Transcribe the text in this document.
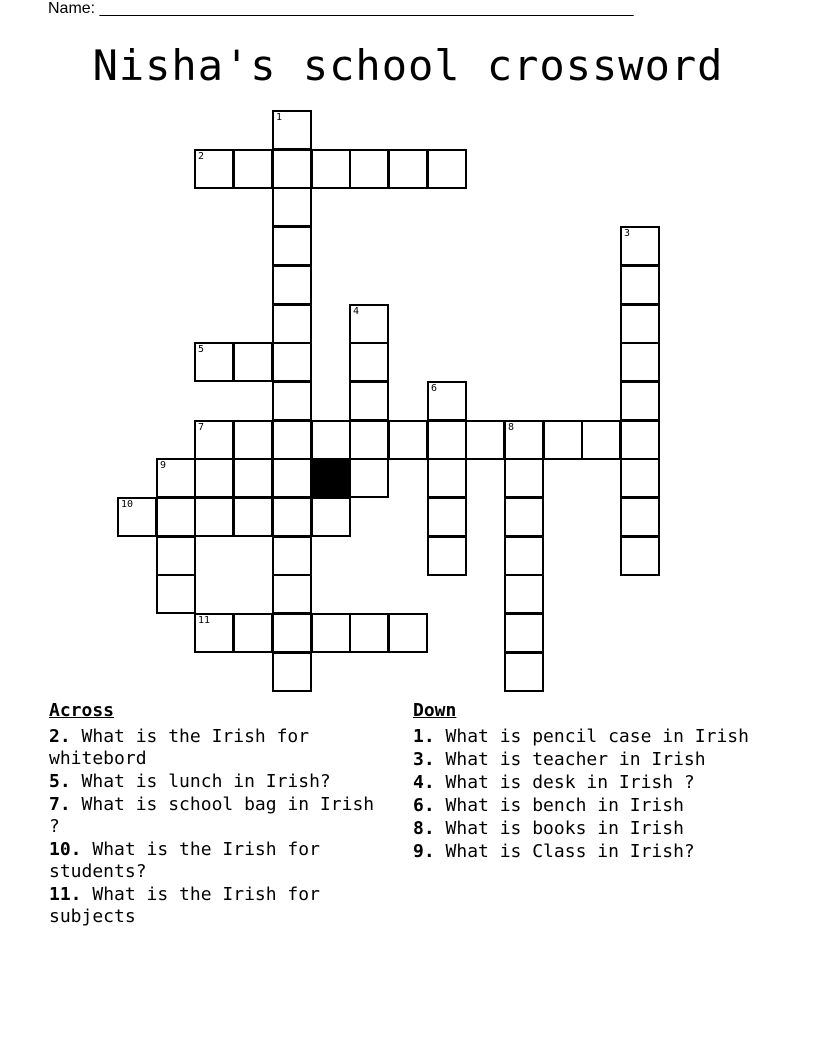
Name: ____________________________________________________________
Nisha's school crossword
2
5
7	8
9
10
11
1
3
4
6
Across
2. What is the Irish for whitebord
5. What is lunch in Irish?
7. What is school bag in Irish ?
10. What is the Irish for students?
11. What is the Irish for subjects
Down
1. What is pencil case in Irish
3. What is teacher in Irish
4. What is desk in Irish ?
6. What is bench in Irish
8. What is books in Irish
9. What is Class in Irish?
